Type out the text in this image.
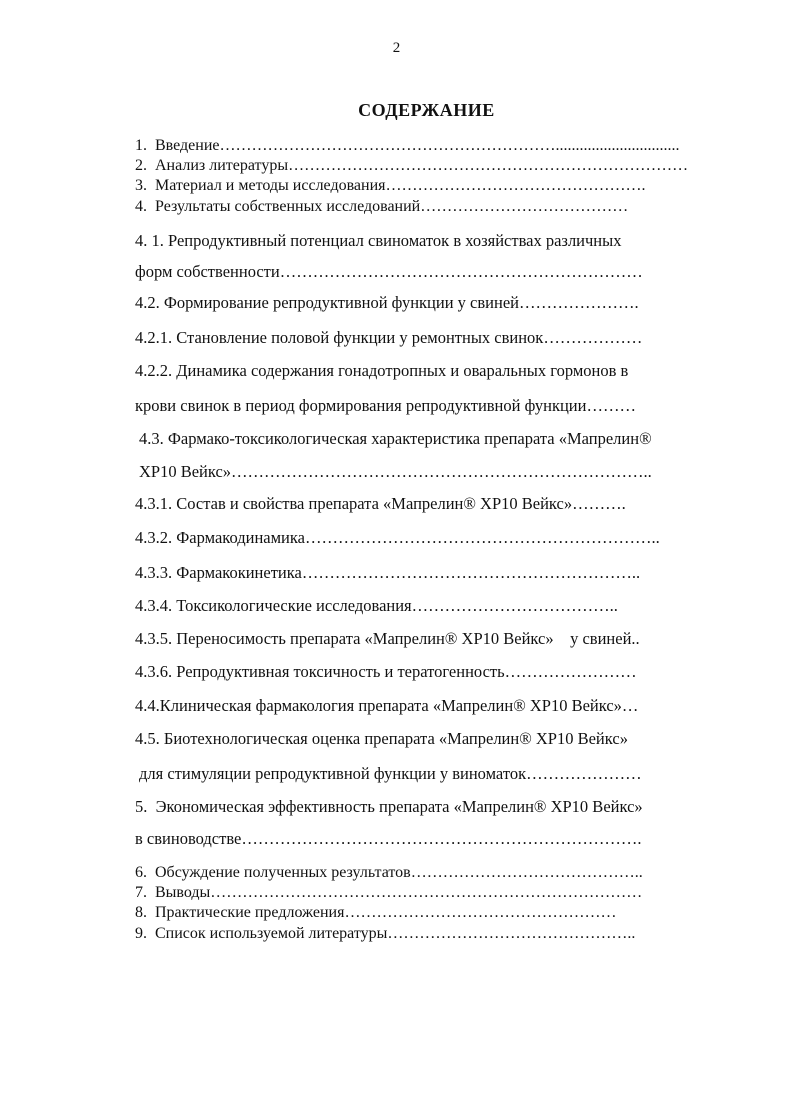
2
СОДЕРЖАНИЕ
1.  Введение………………………………………………………...............................
2.  Анализ литературы…………………………………………………………………
3.  Материал и методы исследования………………………………………….
4.  Результаты собственных исследований…………………………………
4. 1. Репродуктивный потенциал свиноматок в хозяйствах различных
форм собственности…………………………………………………………
4.2. Формирование репродуктивной функции у свиней………………….
4.2.1. Становление половой функции у ремонтных свинок………………
4.2.2. Динамика содержания гонадотропных и оваральных гормонов в
крови свинок в период формирования репродуктивной функции………
4.3. Фармако-токсикологическая характеристика препарата «Мапрелин®
ХР10 Вейкс»…………………………………………………………………..
4.3.1. Состав и свойства препарата «Мапрелин® ХР10 Вейкс»……….
4.3.2. Фармакодинамика………………………………………………………..
4.3.3. Фармакокинетика……………………………………………………..
4.3.4. Токсикологические исследования………………………………..
4.3.5. Переносимость препарата «Мапрелин® ХР10 Вейкс»    у свиней..
4.3.6. Репродуктивная токсичность и тератогенность……………………
4.4.Клиническая фармакология препарата «Мапрелин® ХР10 Вейкс»…
4.5. Биотехнологическая оценка препарата «Мапрелин® ХР10 Вейкс»
для стимуляции репродуктивной функции у виноматок…………………
5.  Экономическая эффективность препарата «Мапрелин® ХР10 Вейкс»
в свиноводстве……………………………………………………………….
6.  Обсуждение полученных результатов……………………………………..
7.  Выводы………………………………………………………………………
8.  Практические предложения……………………………………………
9.  Список используемой литературы………………………………………..
